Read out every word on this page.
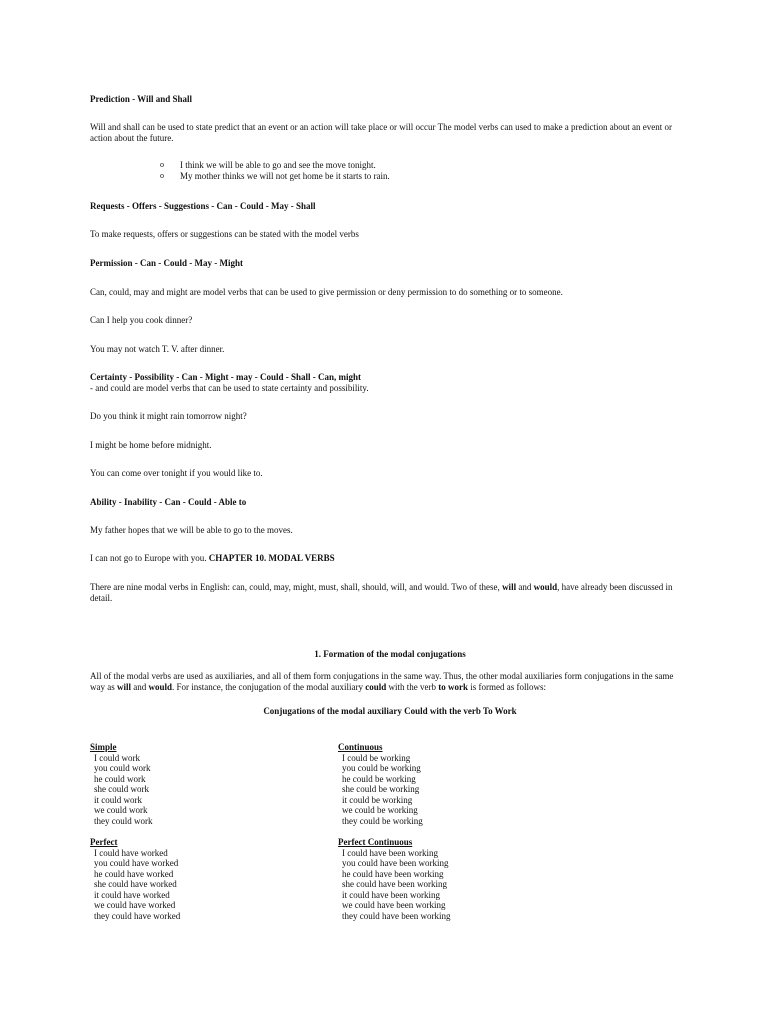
Prediction - Will and Shall

Will and shall can be used to state predict that an event or an action will take place or will occur The model verbs can used to make a prediction about an event or action about the future.

o I think we will be able to go and see the move tonight.
o My mother thinks we will not get home be it starts to rain.

Requests - Offers - Suggestions - Can - Could - May - Shall

To make requests, offers or suggestions can be stated with the model verbs

Permission - Can - Could - May - Might

Can, could, may and might are model verbs that can be used to give permission or deny permission to do something or to someone.

Can I help you cook dinner?

You may not watch T. V. after dinner.

Certainty - Possibility - Can - Might - may - Could - Shall - Can, might

- and could are model verbs that can be used to state certainty and possibility.

Do you think it might rain tomorrow night?

I might be home before midnight.

You can come over tonight if you would like to.

Ability - Inability - Can - Could - Able to

My father hopes that we will be able to go to the moves.

I can not go to Europe with you. CHAPTER 10. MODAL VERBS

There are nine modal verbs in English: can, could, may, might, must, shall, should, will, and would. Two of these, will and would, have already been discussed in detail.

1. Formation of the modal conjugations

All of the modal verbs are used as auxiliaries, and all of them form conjugations in the same way. Thus, the other modal auxiliaries form conjugations in the same way as will and would. For instance, the conjugation of the modal auxiliary could with the verb to work is formed as follows:

Conjugations of the modal auxiliary Could with the verb To Work

Simple
I could work
you could work
he could work
she could work
it could work
we could work
they could work
Continuous
I could be working
you could be working
he could be working
she could be working
it could be working
we could be working
they could be working
Perfect
I could have worked
you could have worked
he could have worked
she could have worked
it could have worked
we could have worked
they could have worked
Perfect Continuous
I could have been working
you could have been working
he could have been working
she could have been working
it could have been working
we could have been working
they could have been working
